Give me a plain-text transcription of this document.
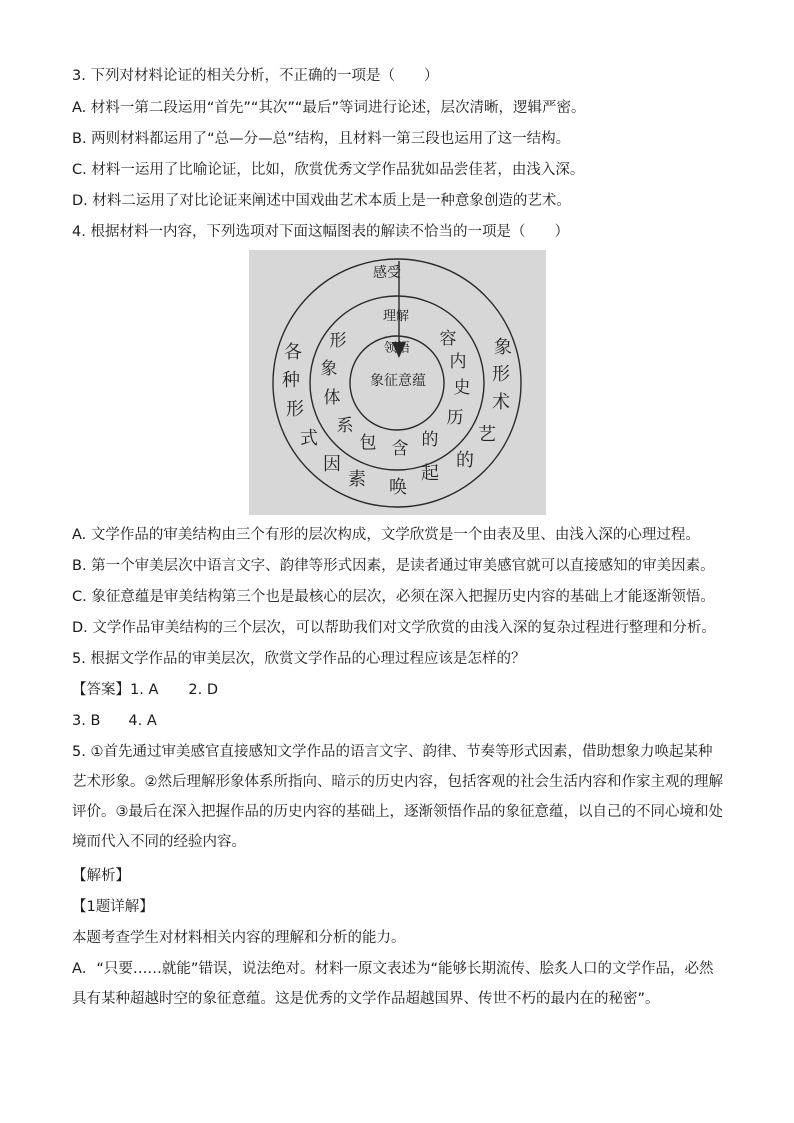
3. 下列对材料论证的相关分析，不正确的一项是（　　）
A. 材料一第二段运用“首先”“其次”“最后”等词进行论述，层次清晰，逻辑严密。
B. 两则材料都运用了“总—分—总”结构，且材料一第三段也运用了这一结构。
C. 材料一运用了比喻论证，比如，欣赏优秀文学作品犹如品尝佳茗，由浅入深。
D. 材料二运用了对比论证来阐述中国戏曲艺术本质上是一种意象创造的艺术。
4. 根据材料一内容，下列选项对下面这幅图表的解读不恰当的一项是（　　）
感受
理解
领悟
象征意蕴
各
种
形
式
因
素 唤
起
的
艺
术
形
象
形
象
体
系
包 含 的
历
史
内
容
A. 文学作品的审美结构由三个有形的层次构成，文学欣赏是一个由表及里、由浅入深的心理过程。
B. 第一个审美层次中语言文字、韵律等形式因素，是读者通过审美感官就可以直接感知的审美因素。
C. 象征意蕴是审美结构第三个也是最核心的层次，必须在深入把握历史内容的基础上才能逐渐领悟。
D. 文学作品审美结构的三个层次，可以帮助我们对文学欣赏的由浅入深的复杂过程进行整理和分析。
5. 根据文学作品的审美层次，欣赏文学作品的心理过程应该是怎样的？
【答案】1. A 2. D
3. B 4. A
5. ①首先通过审美感官直接感知文学作品的语言文字、韵律、节奏等形式因素，借助想象力唤起某种艺术形象。②然后理解形象体系所指向、暗示的历史内容，包括客观的社会生活内容和作家主观的理解评价。③最后在深入把握作品的历史内容的基础上，逐渐领悟作品的象征意蕴，以自己的不同心境和处境而代入不同的经验内容。
【解析】
【1题详解】
本题考查学生对材料相关内容的理解和分析的能力。
A．“只要……就能”错误，说法绝对。材料一原文表述为“能够长期流传、脍炙人口的文学作品，必然具有某种超越时空的象征意蕴。这是优秀的文学作品超越国界、传世不朽的最内在的秘密”。
